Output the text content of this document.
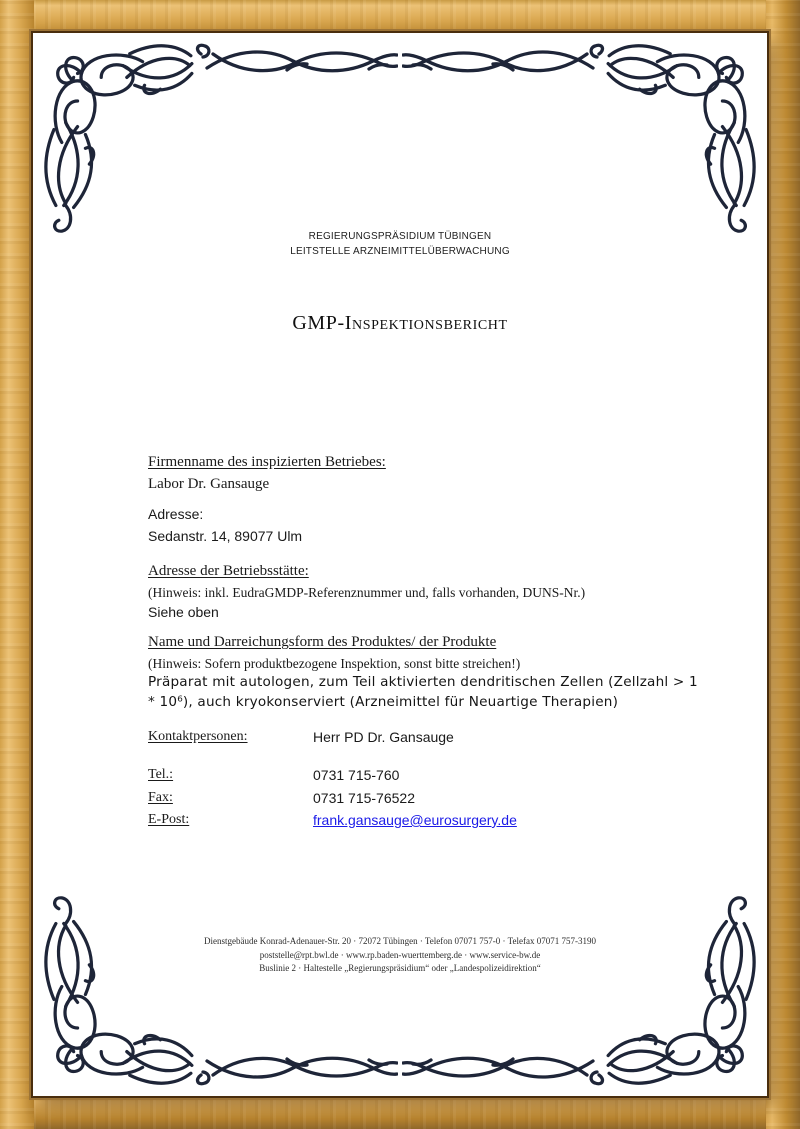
REGIERUNGSPRÄSIDIUM TÜBINGEN
LEITSTELLE ARZNEIMITTELÜBERWACHUNG
GMP-Inspektionsbericht
Firmenname des inspizierten Betriebes:
Labor Dr. Gansauge
Adresse:
Sedanstr. 14, 89077 Ulm
Adresse der Betriebsstätte:
(Hinweis: inkl. EudraGMDP-Referenznummer und, falls vorhanden, DUNS-Nr.)
Siehe oben
Name und Darreichungsform des Produktes/ der Produkte
(Hinweis: Sofern produktbezogene Inspektion, sonst bitte streichen!)
Präparat mit autologen, zum Teil aktivierten dendritischen Zellen (Zellzahl > 1
* 10⁶), auch kryokonserviert (Arzneimittel für Neuartige Therapien)
Kontaktpersonen:	Herr PD Dr. Gansauge
Tel.:	0731 715-760
Fax:	0731 715-76522
E-Post:	frank.gansauge@eurosurgery.de
Dienstgebäude Konrad-Adenauer-Str. 20 · 72072 Tübingen · Telefon 07071 757-0 · Telefax 07071 757-3190
poststelle@rpt.bwl.de · www.rp.baden-wuerttemberg.de · www.service-bw.de
Buslinie 2 · Haltestelle „Regierungspräsidium“ oder „Landespolizeidirektion“
